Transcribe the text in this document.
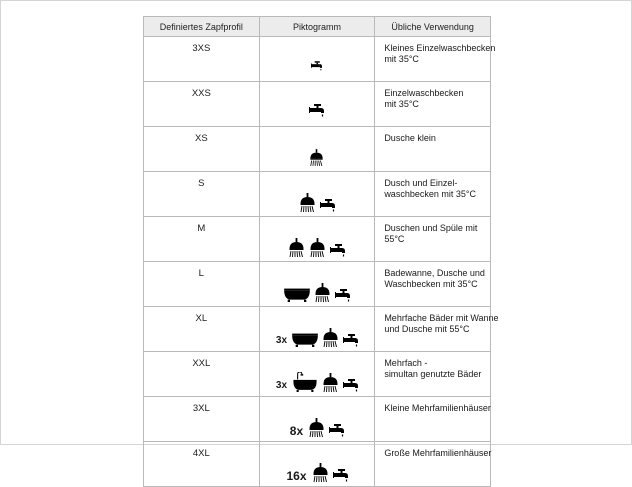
Definiertes Zapfprofil	Piktogramm	Übliche Verwendung
3XS		Kleines Einzelwaschbecken
mit 35°C
XXS		Einzelwaschbecken
mit 35°C
XS		Dusche klein

S		Dusch und Einzel-
waschbecken mit 35°C
M		Duschen und Spüle mit
55°C
L		Badewanne, Dusche und
Waschbecken mit 35°C
XL	3x	Mehrfache Bäder mit Wanne
und Dusche mit 55°C
XXL	3x	Mehrfach -
simultan genutzte Bäder
3XL	8x	Kleine Mehrfamilienhäuser

4XL	16x	Große Mehrfamilienhäuser
